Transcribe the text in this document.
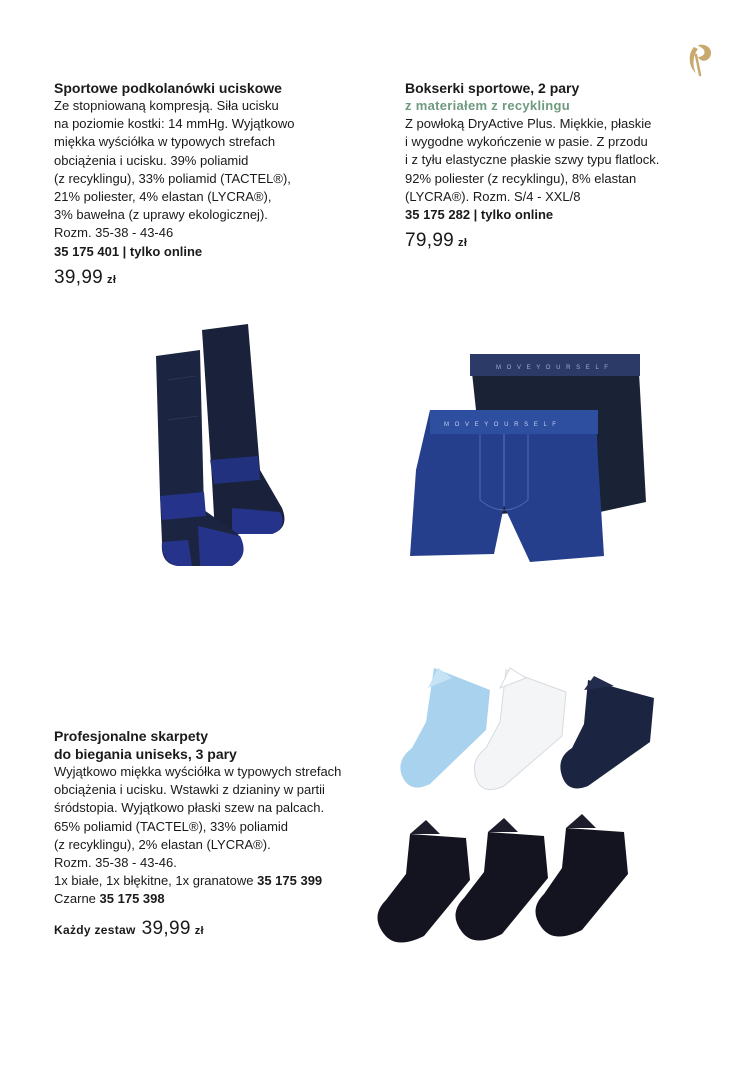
Sportowe podkolanówki uciskowe

Ze stopniowaną kompresją. Siła ucisku

na poziomie kostki: 14 mmHg. Wyjątkowo

miękka wyściółka w typowych strefach

obciążenia i ucisku. 39% poliamid

(z recyklingu), 33% poliamid (TACTEL®),

21% poliester, 4% elastan (LYCRA®),

3% bawełna (z uprawy ekologicznej).

Rozm. 35-38 - 43-46

35 175 401 | tylko online
39,99 zł

Bokserki sportowe, 2 pary

z materiałem z recyklingu

Z powłoką DryActive Plus. Miękkie, płaskie

i wygodne wykończenie w pasie. Z przodu

i z tyłu elastyczne płaskie szwy typu flatlock.

92% poliester (z recyklingu), 8% elastan

(LYCRA®). Rozm. S/4 - XXL/8

35 175 282 | tylko online
79,99 zł

Profesjonalne skarpety

do biegania uniseks, 3 pary

Wyjątkowo miękka wyściółka w typowych strefach

obciążenia i ucisku. Wstawki z dzianiny w partii

śródstopia. Wyjątkowo płaski szew na palcach.

65% poliamid (TACTEL®), 33% poliamid

(z recyklingu), 2% elastan (LYCRA®).

Rozm. 35-38 - 43-46.

1x białe, 1x błękitne, 1x granatowe 35 175 399

Czarne 35 175 398

Każdy zestaw 39,99 zł
M O V E Y O U R S E L F
M O V E Y O U R S E L F
